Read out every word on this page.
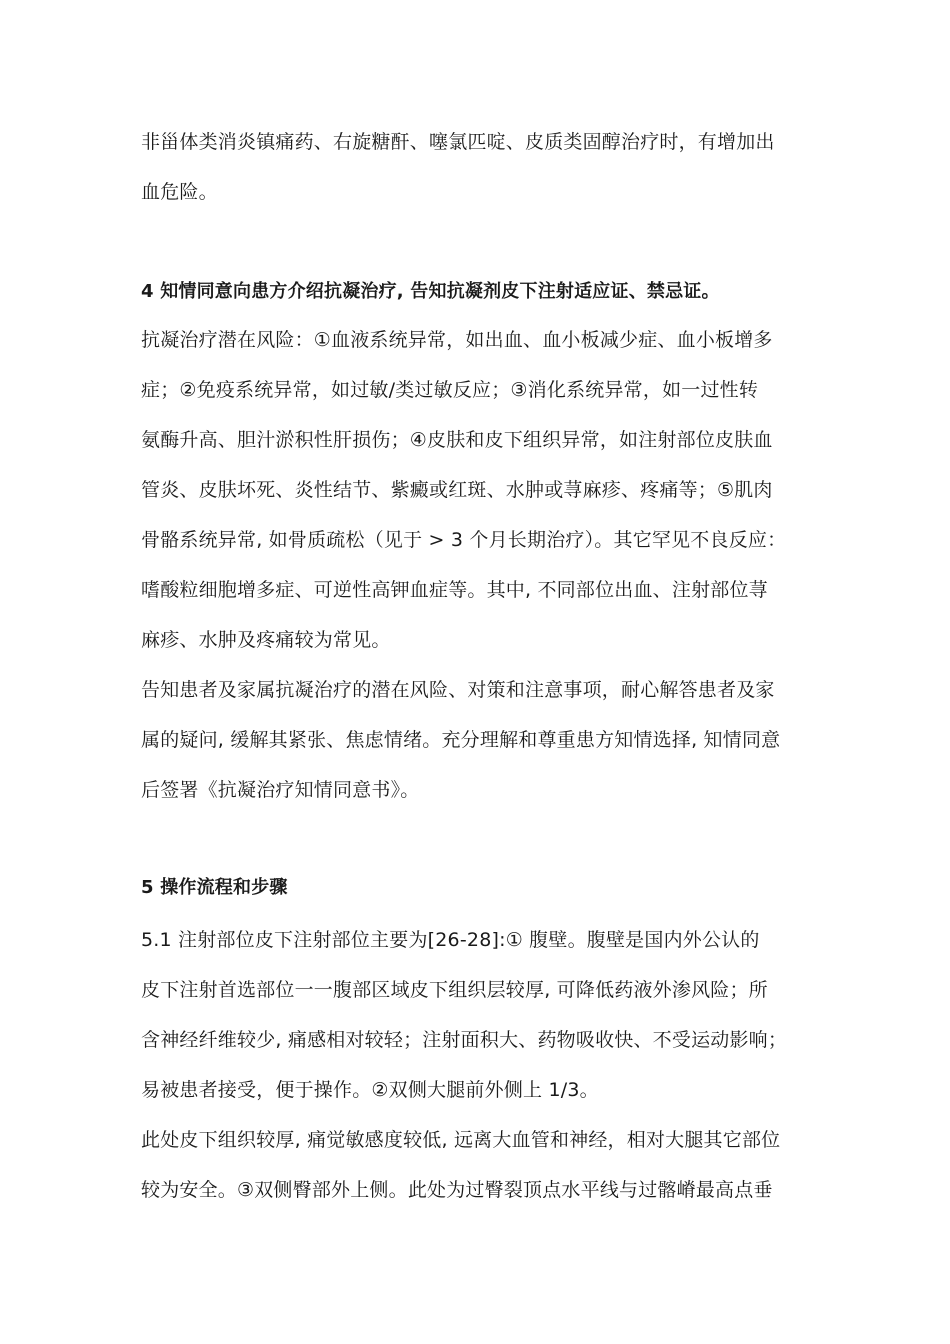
非甾体类消炎镇痛药、右旋糖酐、噻氯匹啶、皮质类固醇治疗时，有增加出
血危险。
4 知情同意向患方介绍抗凝治疗, 告知抗凝剂皮下注射适应证、禁忌证。
抗凝治疗潜在风险：①血液系统异常，如出血、血小板减少症、血小板增多
症；②免疫系统异常，如过敏/类过敏反应；③消化系统异常，如一过性转
氨酶升高、胆汁淤积性肝损伤；④皮肤和皮下组织异常，如注射部位皮肤血
管炎、皮肤坏死、炎性结节、紫癜或红斑、水肿或荨麻疹、疼痛等；⑤肌肉
骨骼系统异常, 如骨质疏松（见于 > 3 个月长期治疗）。其它罕见不良反应：
嗜酸粒细胞增多症、可逆性高钾血症等。其中, 不同部位出血、注射部位荨
麻疹、水肿及疼痛较为常见。
告知患者及家属抗凝治疗的潜在风险、对策和注意事项，耐心解答患者及家
属的疑问, 缓解其紧张、焦虑情绪。充分理解和尊重患方知情选择, 知情同意
后签署《抗凝治疗知情同意书》。
5 操作流程和步骤
5.1 注射部位皮下注射部位主要为[26-28]:① 腹壁。腹壁是国内外公认的
皮下注射首选部位一一腹部区域皮下组织层较厚, 可降低药液外渗风险；所
含神经纤维较少, 痛感相对较轻；注射面积大、药物吸收快、不受运动影响；
易被患者接受，便于操作。②双侧大腿前外侧上 1/3。
此处皮下组织较厚, 痛觉敏感度较低, 远离大血管和神经，相对大腿其它部位
较为安全。③双侧臀部外上侧。此处为过臀裂顶点水平线与过髂嵴最高点垂
